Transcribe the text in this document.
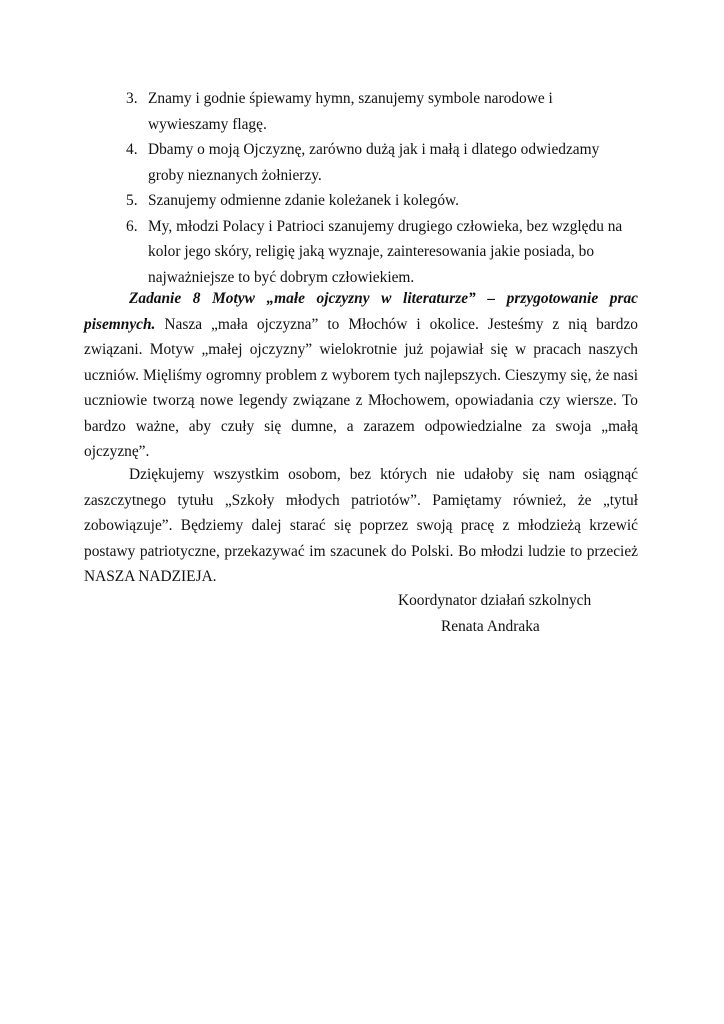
3. Znamy i godnie śpiewamy hymn, szanujemy symbole narodowe i wywieszamy flagę.
4. Dbamy o moją Ojczyznę, zarówno dużą jak i małą i dlatego odwiedzamy groby nieznanych żołnierzy.
5. Szanujemy odmienne zdanie koleżanek i kolegów.
6. My, młodzi Polacy i Patrioci szanujemy drugiego człowieka, bez względu na kolor jego skóry, religię jaką wyznaje, zainteresowania jakie posiada, bo najważniejsze to być dobrym człowiekiem.
Zadanie 8 Motyw „małe ojczyzny w literaturze” – przygotowanie prac pisemnych. Nasza „mała ojczyzna” to Młochów i okolice. Jesteśmy z nią bardzo związani. Motyw „małej ojczyzny” wielokrotnie już pojawiał się w pracach naszych uczniów. Mięliśmy ogromny problem z wyborem tych najlepszych. Cieszymy się, że nasi uczniowie tworzą nowe legendy związane z Młochowem, opowiadania czy wiersze. To bardzo ważne, aby czuły się dumne, a zarazem odpowiedzialne za swoja „małą ojczyznę”.
Dziękujemy wszystkim osobom, bez których nie udałoby się nam osiągnąć zaszczytnego tytułu „Szkoły młodych patriotów”. Pamiętamy również, że „tytuł zobowiązuje”. Będziemy dalej starać się poprzez swoją pracę z młodzieżą krzewić postawy patriotyczne, przekazywać im szacunek do Polski. Bo młodzi ludzie to przecież NASZA NADZIEJA.
Koordynator działań szkolnych
Renata Andraka
